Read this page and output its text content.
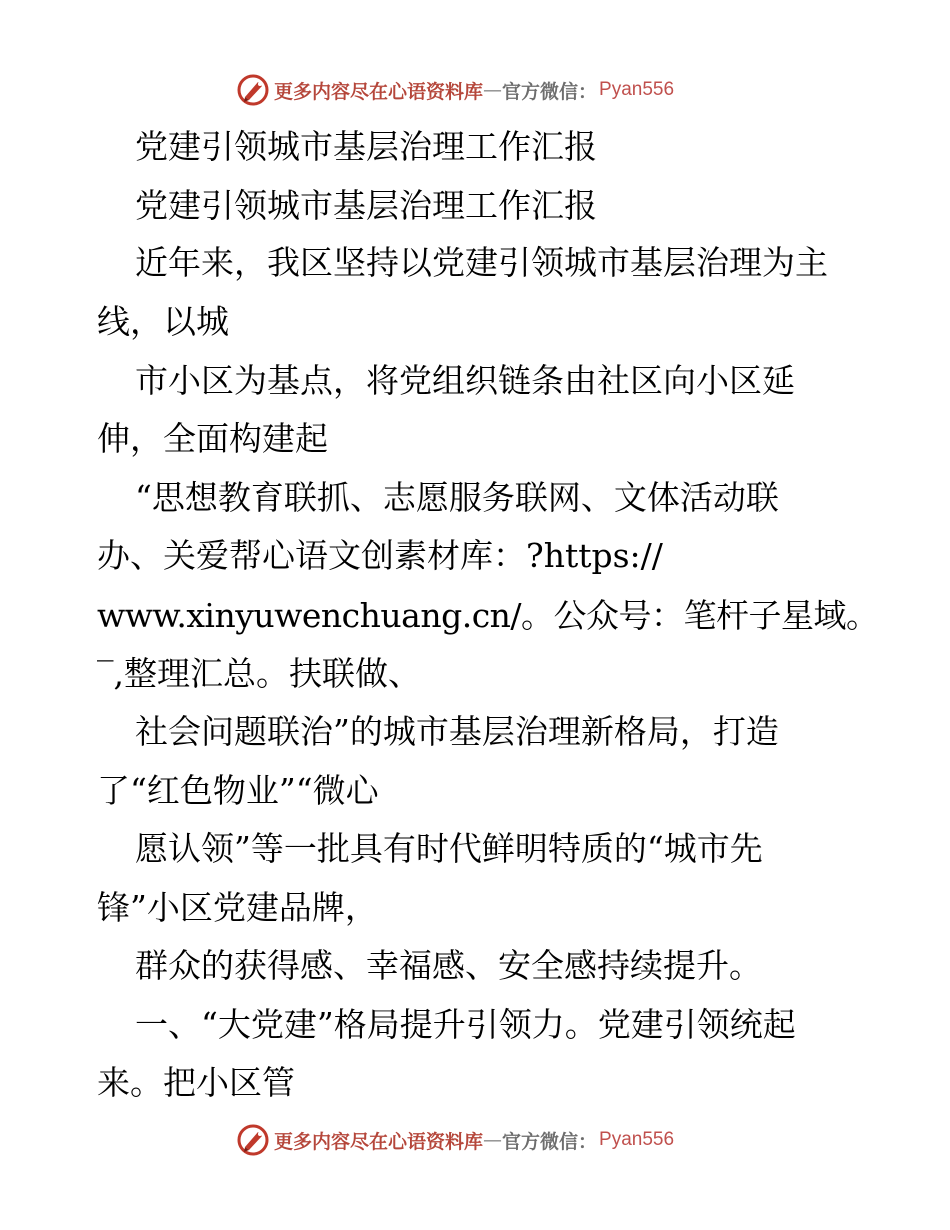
更多内容尽在心语资料库 — 官方微信： Pyan556
党建引领城市基层治理工作汇报
党建引领城市基层治理工作汇报
近年来，我区坚持以党建引领城市基层治理为主
线，以城
市小区为基点，将党组织链条由社区向小区延
伸，全面构建起
“思想教育联抓、志愿服务联网、文体活动联
办、关爱帮心语文创素材库：?https://
www.xinyuwenchuang.cn/。公众号：笔杆子星域。
‾,整理汇总。扶联做、
社会问题联治”的城市基层治理新格局，打造
了“红色物业”“微心
愿认领”等一批具有时代鲜明特质的“城市先
锋”小区党建品牌，
群众的获得感、幸福感、安全感持续提升。
一、“大党建”格局提升引领力。党建引领统起
来。把小区管
更多内容尽在心语资料库 — 官方微信： Pyan556
